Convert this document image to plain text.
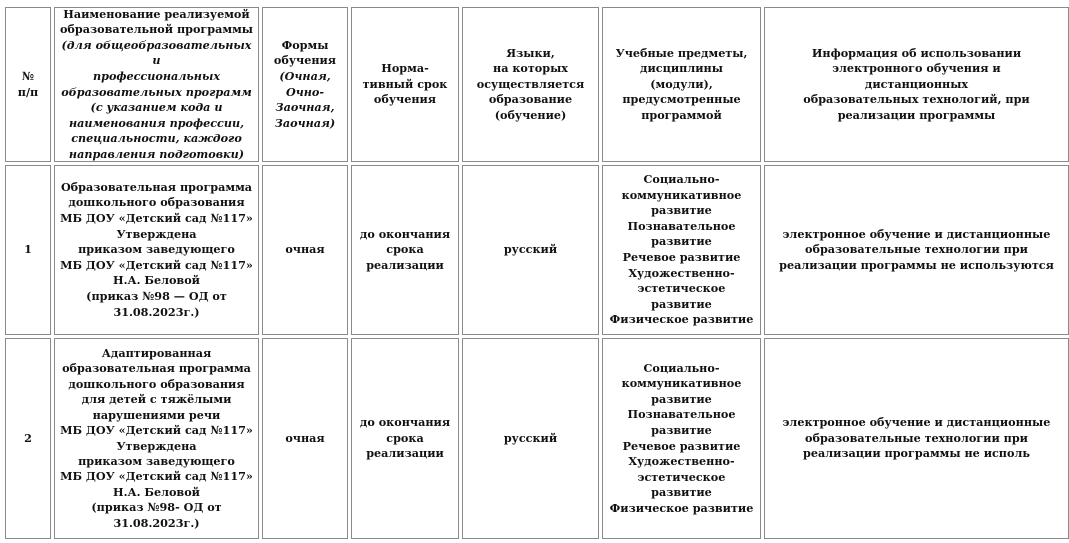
№
п/п
Наименование реализуемой
образовательной программы
(для общеобразовательных и
профессиональных
образовательных программ
(с указанием кода и
наименования профессии,
специальности, каждого
направления подготовки)
Формы
обучения
(Очная,
Очно-
Заочная,
Заочная)
Норма-
тивный срок
обучения
Языки,
на которых
осуществляется
образование
(обучение)
Учебные предметы,
дисциплины
(модули),
предусмотренные
программой
Информация об использовании
электронного обучения и дистанционных
образовательных технологий, при
реализации программы
1
Образовательная программа
дошкольного образования
МБ ДОУ «Детский сад №117»
Утверждена
приказом заведующего
МБ ДОУ «Детский сад №117»
Н.А. Беловой
(приказ №98 — ОД от
31.08.2023г.)
очная
до окончания
срока
реализации
русский
Социально-
коммуникативное
развитие
Познавательное
развитие
Речевое развитие
Художественно-
эстетическое
развитие
Физическое развитие
электронное обучение и дистанционные
образовательные технологии при
реализации программы не используются
2
Адаптированная
образовательная программа
дошкольного образования
для детей с тяжёлыми
нарушениями речи
МБ ДОУ «Детский сад №117»
Утверждена
приказом заведующего
МБ ДОУ «Детский сад №117»
Н.А. Беловой
(приказ №98- ОД от
31.08.2023г.)
очная
до окончания
срока
реализации
русский
Социально-
коммуникативное
развитие
Познавательное
развитие
Речевое развитие
Художественно-
эстетическое
развитие
Физическое развитие
электронное обучение и дистанционные
образовательные технологии при
реализации программы не исполь
